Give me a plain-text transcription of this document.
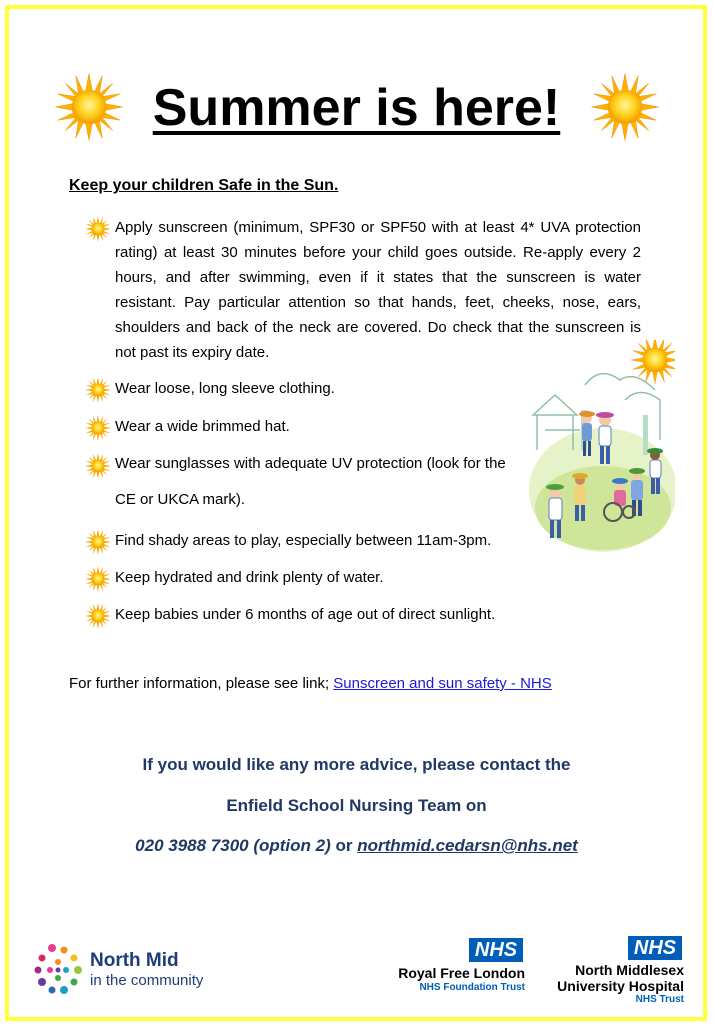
Summer is here!
Keep your children Safe in the Sun.
Apply sunscreen (minimum, SPF30 or SPF50 with at least 4* UVA protection rating) at least 30 minutes before your child goes outside. Re-apply every 2 hours, and after swimming, even if it states that the sunscreen is water resistant. Pay particular attention so that hands, feet, cheeks, nose, ears, shoulders and back of the neck are covered. Do check that the sunscreen is not past its expiry date.
Wear loose, long sleeve clothing.
Wear a wide brimmed hat.
Wear sunglasses with adequate UV protection (look for the CE or UKCA mark).
Find shady areas to play, especially between 11am-3pm.
Keep hydrated and drink plenty of water.
Keep babies under 6 months of age out of direct sunlight.
For further information, please see link; Sunscreen and sun safety - NHS
If you would like any more advice, please contact the
Enfield School Nursing Team on
020 3988 7300 (option 2) or northmid.cedarsn@nhs.net
North Mid
in the community
NHS
Royal Free London
NHS Foundation Trust
NHS
North Middlesex
University Hospital
NHS Trust
